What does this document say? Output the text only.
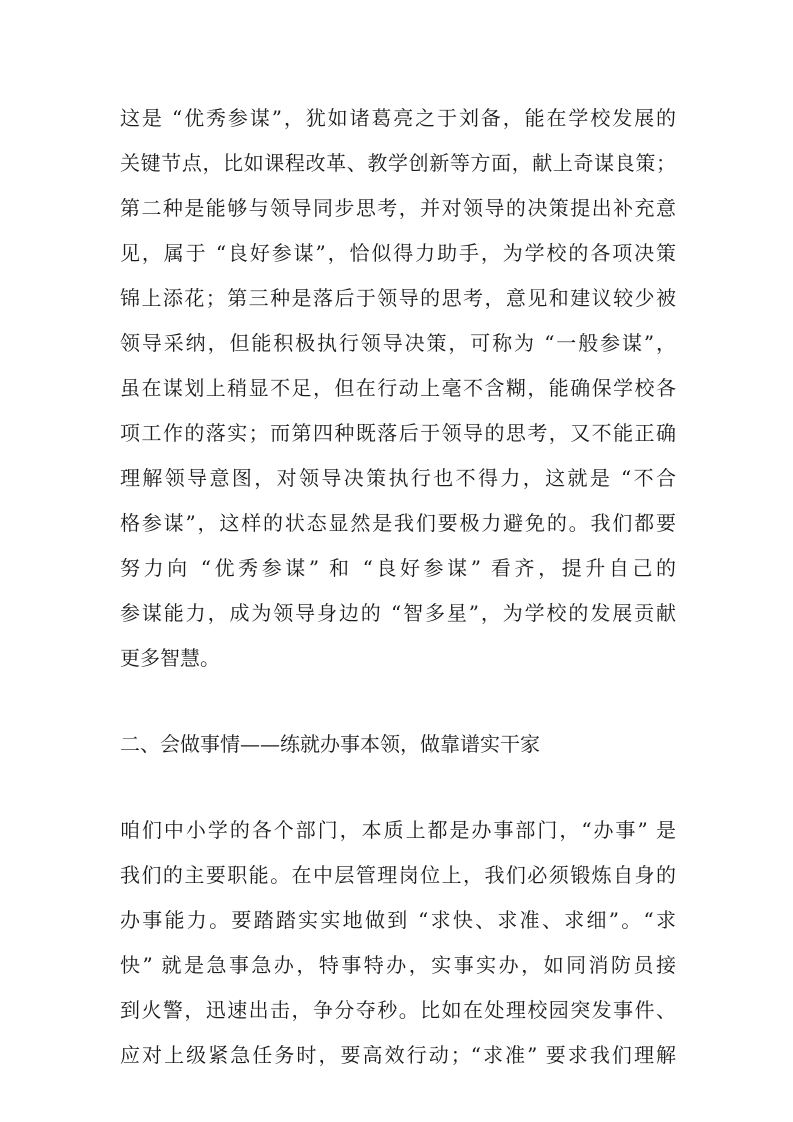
这是 “优秀参谋”，犹如诸葛亮之于刘备，能在学校发展的
关键节点，比如课程改革、教学创新等方面，献上奇谋良策；
第二种是能够与领导同步思考，并对领导的决策提出补充意
见，属于 “良好参谋”，恰似得力助手，为学校的各项决策
锦上添花；第三种是落后于领导的思考，意见和建议较少被
领导采纳，但能积极执行领导决策，可称为 “一般参谋”，
虽在谋划上稍显不足，但在行动上毫不含糊，能确保学校各
项工作的落实；而第四种既落后于领导的思考，又不能正确
理解领导意图，对领导决策执行也不得力，这就是 “不合
格参谋”，这样的状态显然是我们要极力避免的。我们都要
努力向 “优秀参谋” 和 “良好参谋” 看齐，提升自己的
参谋能力，成为领导身边的 “智多星”，为学校的发展贡献
更多智慧。
二、会做事情——练就办事本领，做靠谱实干家
咱们中小学的各个部门，本质上都是办事部门，“办事” 是
我们的主要职能。在中层管理岗位上，我们必须锻炼自身的
办事能力。要踏踏实实地做到 “求快、求准、求细”。“求
快” 就是急事急办，特事特办，实事实办，如同消防员接
到火警，迅速出击，争分夺秒。比如在处理校园突发事件、
应对上级紧急任务时，要高效行动；“求准” 要求我们理解
